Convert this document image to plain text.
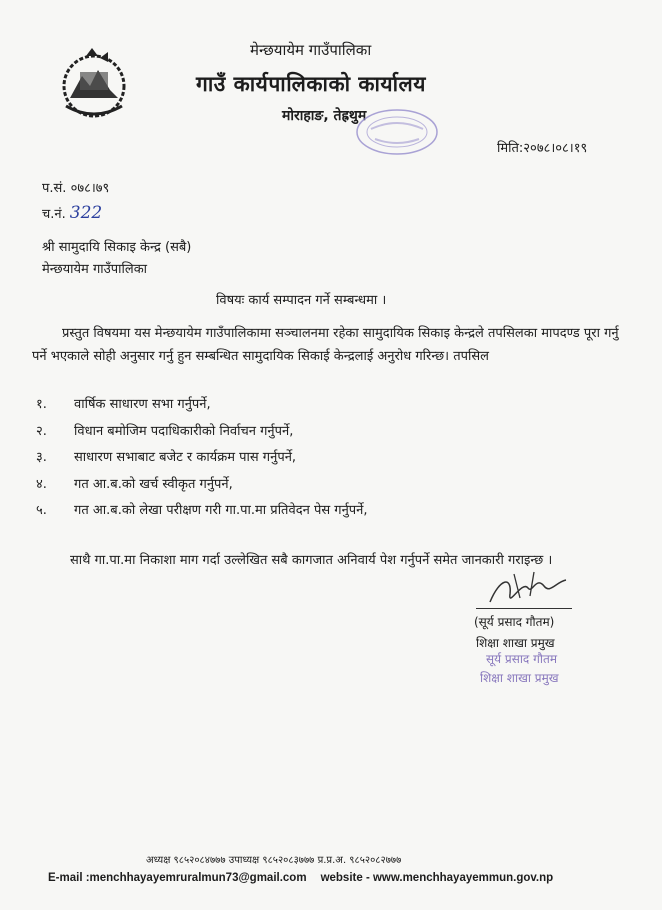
मेन्छयायेम गाउँपालिका
गाउँ कार्यपालिकाको कार्यालय
मोराहाङ, तेह्रथुम
मिति:२०७८।०८।१९
प.सं. ०७८।७९
च.नं. 322
श्री सामुदायि सिकाइ केन्द्र (सबै)
मेन्छयायेम गाउँपालिका
विषयः कार्य सम्पादन गर्ने सम्बन्धमा ।

प्रस्तुत विषयमा यस मेन्छयायेम गाउँपालिकामा सञ्चालनमा रहेका सामुदायिक सिकाइ केन्द्रले तपसिलका मापदण्ड पूरा गर्नु पर्ने भएकाले सोही अनुसार गर्नु हुन सम्बन्धित सामुदायिक सिकाई केन्द्रलाई अनुरोध गरिन्छ। तपसिल

१.	वार्षिक साधारण सभा गर्नुपर्ने,
२.	विधान बमोजिम पदाधिकारीको निर्वाचन गर्नुपर्ने,
३.	साधारण सभाबाट बजेट र कार्यक्रम पास गर्नुपर्ने,
४.	गत आ.ब.को खर्च स्वीकृत गर्नुपर्ने,
५.	गत आ.ब.को लेखा परीक्षण गरी गा.पा.मा प्रतिवेदन पेस गर्नुपर्ने,
साथै गा.पा.मा निकाशा माग गर्दा उल्लेखित सबै कागजात अनिवार्य पेश गर्नुपर्ने समेत जानकारी गराइन्छ ।
(सूर्य प्रसाद गौतम)
शिक्षा शाखा प्रमुख
सूर्य प्रसाद गौतम
शिक्षा शाखा प्रमुख
अध्यक्ष ९८५२०८४७७७ उपाध्यक्ष ९८५२०८३७७७ प्र.प्र.अ. ९८५२०८२७७७
E-mail :menchhayayemruralmun73@gmail.com website - www.menchhayayemmun.gov.np
